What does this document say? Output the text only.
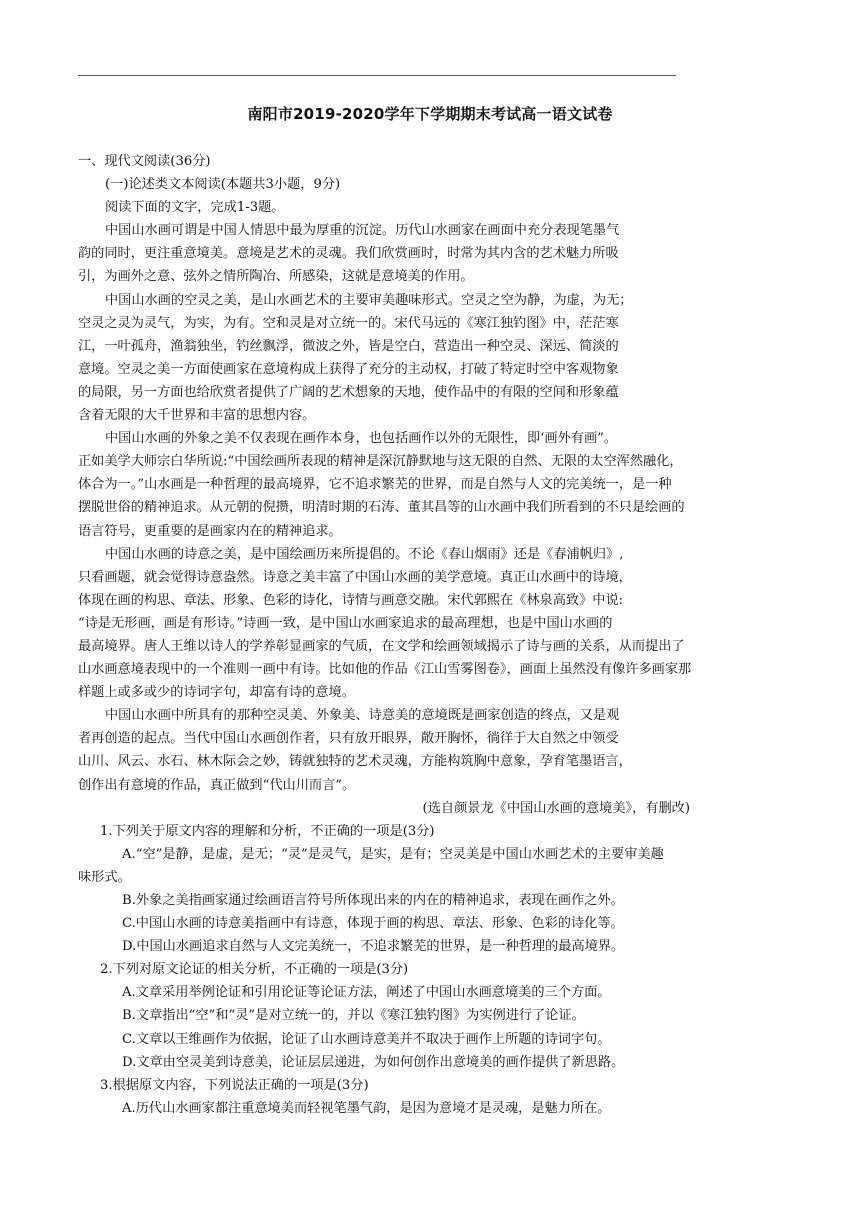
南阳市2019-2020学年下学期期末考试高一语文试卷
一、现代文阅读(36分)
(一)论述类文本阅读(本题共3小题，9分)
阅读下面的文字，完成1-3题。
中国山水画可谓是中国人情思中最为厚重的沉淀。历代山水画家在画面中充分表现笔墨气
韵的同时，更注重意境美。意境是艺术的灵魂。我们欣赏画时，时常为其内含的艺术魅力所吸
引，为画外之意、弦外之情所陶冶、所感染，这就是意境美的作用。
中国山水画的空灵之美，是山水画艺术的主要审美趣味形式。空灵之空为静，为虚，为无；
空灵之灵为灵气，为实，为有。空和灵是对立统一的。宋代马远的《寒江独钓图》中，茫茫寒
江，一叶孤舟，渔翁独坐，钓丝飘浮，微波之外，皆是空白，营造出一种空灵、深远、简淡的
意境。空灵之美一方面使画家在意境构成上获得了充分的主动权，打破了特定时空中客观物象
的局限，另一方面也给欣赏者提供了广阔的艺术想象的天地，使作品中的有限的空间和形象蕴
含着无限的大千世界和丰富的思想内容。
中国山水画的外象之美不仅表现在画作本身，也包括画作以外的无限性，即‘画外有画”。
正如美学大师宗白华所说:“中国绘画所表现的精神是深沉静默地与这无限的自然、无限的太空浑然融化，
体合为一。”山水画是一种哲理的最高境界，它不追求繁芜的世界，而是自然与人文的完美统一，是一种
摆脱世俗的精神追求。从元朝的倪攒，明清时期的石涛、董其昌等的山水画中我们所看到的不只是绘画的
语言符号，更重要的是画家内在的精神追求。
中国山水画的诗意之美，是中国绘画历来所提倡的。不论《春山烟雨》还是《春浦帆归》,
只看画题，就会觉得诗意盎然。诗意之美丰富了中国山水画的美学意境。真正山水画中的诗境，
体现在画的构思、章法、形象、色彩的诗化，诗情与画意交融。宋代郭熙在《林泉高致》中说:
“诗是无形画，画是有形诗。”诗画一致，是中国山水画家追求的最高理想，也是中国山水画的
最高境界。唐人王维以诗人的学养彰显画家的气质，在文学和绘画领域揭示了诗与画的关系，从而提出了
山水画意境表现中的一个准则一画中有诗。比如他的作品《江山雪雾图卷》，画面上虽然没有像许多画家那
样题上或多或少的诗词字句，却富有诗的意境。
中国山水画中所具有的那种空灵美、外象美、诗意美的意境既是画家创造的终点，又是观
者再创造的起点。当代中国山水画创作者，只有放开眼界，敞开胸怀，徜徉于大自然之中领受
山川、风云、水石、林木际会之妙，铸就独特的艺术灵魂，方能构筑胸中意象，孕育笔墨语言，
创作出有意境的作品，真正做到“代山川而言”。
(选自颜景龙《中国山水画的意境美》，有删改)
1.下列关于原文内容的理解和分析，不正确的一项是(3分)
A.“空”是静，是虚，是无；“灵”是灵气，是实，是有；空灵美是中国山水画艺术的主要审美趣
味形式。
B.外象之美指画家通过绘画语言符号所体现出来的内在的精神追求，表现在画作之外。
C.中国山水画的诗意美指画中有诗意，体现于画的构思、章法、形象、色彩的诗化等。
D.中国山水画追求自然与人文完美统一，不追求繁芜的世界，是一种哲理的最高境界。
2.下列对原文论证的相关分析，不正确的一项是(3分)
A.文章采用举例论证和引用论证等论证方法，阐述了中国山水画意境美的三个方面。
B.文章指出“空”和“灵”是对立统一的，并以《寒江独钓图》为实例进行了论证。
C.文章以王维画作为依据，论证了山水画诗意美并不取决于画作上所题的诗词字句。
D.文章由空灵美到诗意美，论证层层递进，为如何创作出意境美的画作提供了新思路。
3.根据原文内容，下列说法正确的一项是(3分)
A.历代山水画家都注重意境美而轻视笔墨气韵，是因为意境才是灵魂，是魅力所在。
